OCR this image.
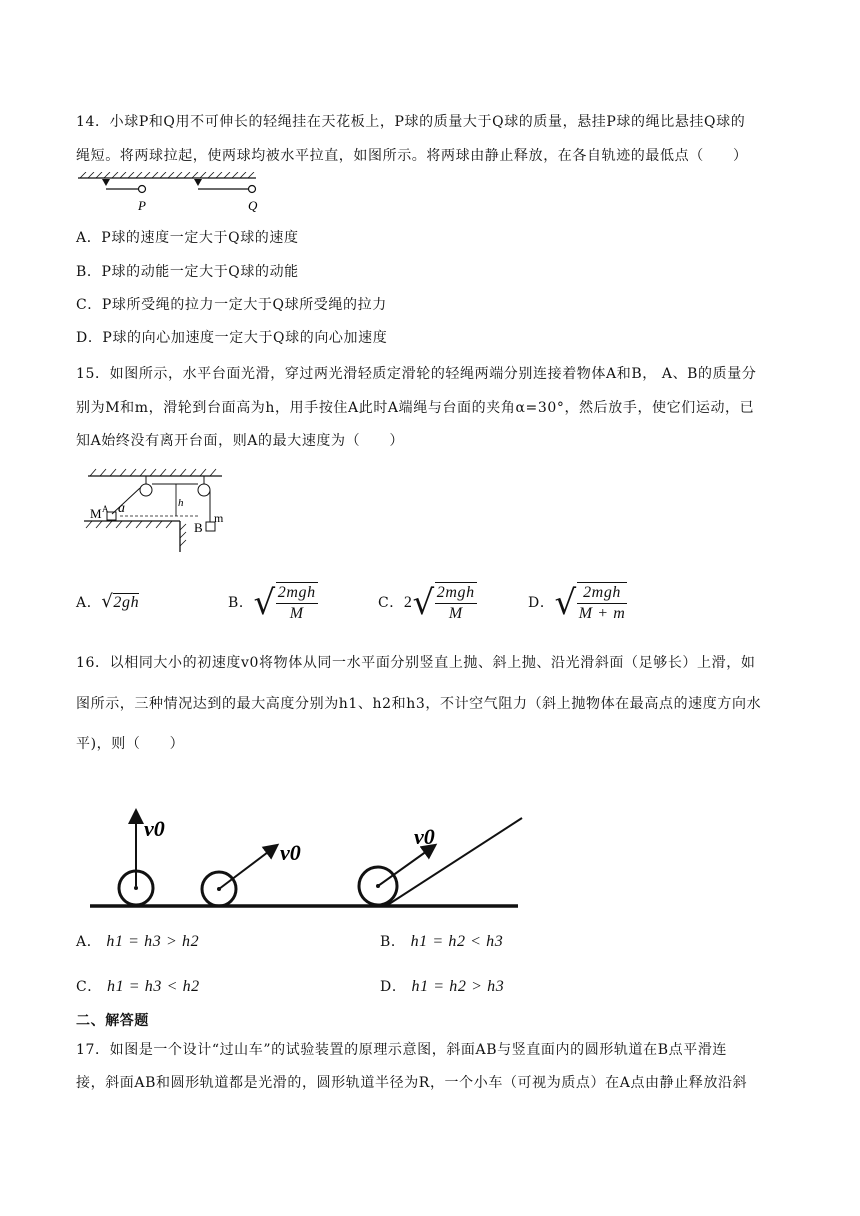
14．小球P和Q用不可伸长的轻绳挂在天花板上，P球的质量大于Q球的质量，悬挂P球的绳比悬挂Q球的
绳短。将两球拉起，使两球均被水平拉直，如图所示。将两球由静止释放，在各自轨迹的最低点（　　）
P	Q
A．P球的速度一定大于Q球的速度
B．P球的动能一定大于Q球的动能
C．P球所受绳的拉力一定大于Q球所受绳的拉力
D．P球的向心加速度一定大于Q球的向心加速度
15．如图所示，水平台面光滑，穿过两光滑轻质定滑轮的轻绳两端分别连接着物体A和B， A、B的质量分
别为M和m，滑轮到台面高为h，用手按住A此时A端绳与台面的夹角α=30°，然后放手，使它们运动，已
知A始终没有离开台面，则A的最大速度为（　　）
M A a	h
B
m
A．√2gh	B．√ $\frac{\text{2mgh}}{M}$	C．$2√ \frac{\text{2mgh}}{M}$	D．√ $\frac{\text{2mgh}}{M + m}$
16．以相同大小的初速度v0将物体从同一水平面分别竖直上抛、斜上抛、沿光滑斜面（足够长）上滑，如
图所示，三种情况达到的最大高度分别为h1、h2和h3，不计空气阻力（斜上抛物体在最高点的速度方向水
平)，则（　　）
v0
v0
v0
A． h1 = h3 > h2	B． h1 = h2 < h3
C． h1 = h3 < h2	D． h1 = h2 > h3
二、解答题
17．如图是一个设计“过山车”的试验装置的原理示意图，斜面AB与竖直面内的圆形轨道在B点平滑连
接，斜面AB和圆形轨道都是光滑的，圆形轨道半径为R，一个小车（可视为质点）在A点由静止释放沿斜
